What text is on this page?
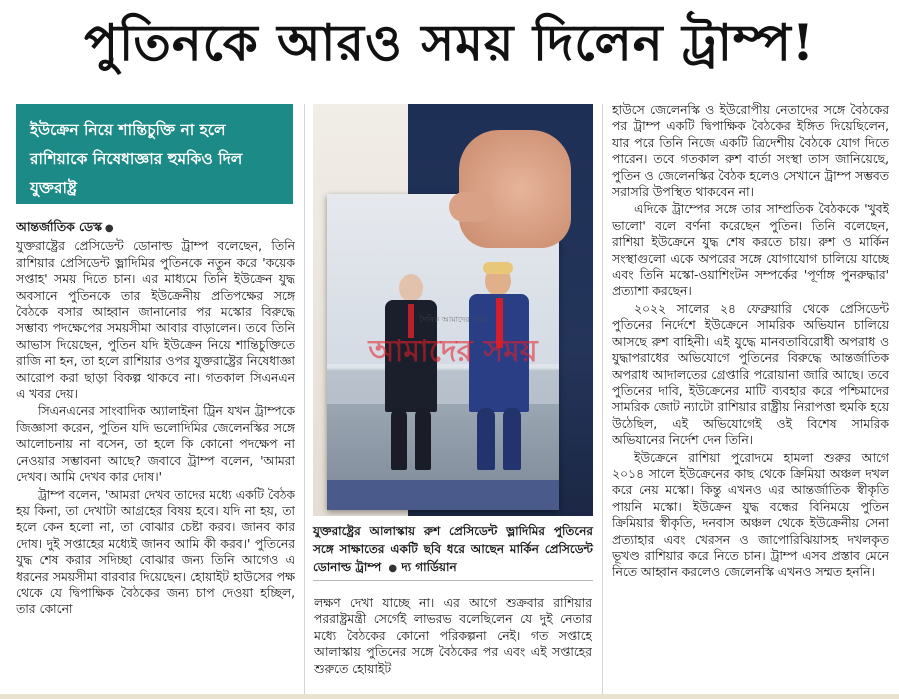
পুতিনকে আরও সময় দিলেন ট্রাম্প!
ইউক্রেন নিয়ে শান্তিচুক্তি না হলে রাশিয়াকে নিষেধাজ্ঞার হুমকিও দিল যুক্তরাষ্ট্র

আন্তর্জাতিক ডেস্ক ●

যুক্তরাষ্ট্রের প্রেসিডেন্ট ডোনাল্ড ট্রাম্প বলেছেন, তিনি রাশিয়ার প্রেসিডেন্ট ভ্লাদিমির পুতিনকে নতুন করে 'কয়েক সপ্তাহ' সময় দিতে চান। এর মাধ্যমে তিনি ইউক্রেন যুদ্ধ অবসানে পুতিনকে তার ইউক্রেনীয় প্রতিপক্ষের সঙ্গে বৈঠকে বসার আহ্বান জানানোর পর মস্কোর বিরুদ্ধে সম্ভাব্য পদক্ষেপের সময়সীমা আবার বাড়ালেন। তবে তিনি আভাস দিয়েছেন, পুতিন যদি ইউক্রেন নিয়ে শান্তিচুক্তিতে রাজি না হন, তা হলে রাশিয়ার ওপর যুক্তরাষ্ট্রের নিষেধাজ্ঞা আরোপ করা ছাড়া বিকল্প থাকবে না। গতকাল সিএনএন এ খবর দেয়।

সিএনএনের সাংবাদিক অ্যালাইনা ট্রিন যখন ট্রাম্পকে জিজ্ঞাসা করেন, পুতিন যদি ভলোদিমির জেলেনস্কির সঙ্গে আলোচনায় না বসেন, তা হলে কি কোনো পদক্ষেপ না নেওয়ার সম্ভাবনা আছে? জবাবে ট্রাম্প বলেন, 'আমরা দেখব। আমি দেখব কার দোষ।'

ট্রাম্প বলেন, 'আমরা দেখব তাদের মধ্যে একটি বৈঠক হয় কিনা, তা দেখাটা আগ্রহের বিষয় হবে। যদি না হয়, তা হলে কেন হলো না, তা বোঝার চেষ্টা করব। জানব কার দোষ। দুই সপ্তাহের মধ্যেই জানব আমি কী করব।' পুতিনের যুদ্ধ শেষ করার সদিচ্ছা বোঝার জন্য তিনি আগেও এ ধরনের সময়সীমা বারবার দিয়েছেন। হোয়াইট হাউসের পক্ষ থেকে যে দ্বিপাক্ষিক বৈঠকের জন্য চাপ দেওয়া হচ্ছিল, তার কোনো

দৈনিক আমাদের সময়
আমাদের সময়
যুক্তরাষ্ট্রের আলাস্কায় রুশ প্রেসিডেন্ট ভ্লাদিমির পুতিনের সঙ্গে সাক্ষাতের একটি ছবি ধরে আছেন মার্কিন প্রেসিডেন্ট ডোনাল্ড ট্রাম্প ● দ্য গার্ডিয়ান

লক্ষণ দেখা যাচ্ছে না। এর আগে শুক্রবার রাশিয়ার পররাষ্ট্রমন্ত্রী সের্গেই লাভরভ বলেছিলেন যে দুই নেতার মধ্যে বৈঠকের কোনো পরিকল্পনা নেই। গত সপ্তাহে আলাস্কায় পুতিনের সঙ্গে বৈঠকের পর এবং এই সপ্তাহের শুরুতে হোয়াইট

হাউসে জেলেনস্কি ও ইউরোপীয় নেতাদের সঙ্গে বৈঠকের পর ট্রাম্প একটি দ্বিপাক্ষিক বৈঠকের ইঙ্গিত দিয়েছিলেন, যার পরে তিনি নিজে একটি ত্রিদেশীয় বৈঠকে যোগ দিতে পারেন। তবে গতকাল রুশ বার্তা সংস্থা তাস জানিয়েছে, পুতিন ও জেলেনস্কির বৈঠক হলেও সেখানে ট্রাম্প সম্ভবত সরাসরি উপস্থিত থাকবেন না।

এদিকে ট্রাম্পের সঙ্গে তার সাম্প্রতিক বৈঠককে 'খুবই ভালো' বলে বর্ণনা করেছেন পুতিন। তিনি বলেছেন, রাশিয়া ইউক্রেনে যুদ্ধ শেষ করতে চায়। রুশ ও মার্কিন সংস্থাগুলো একে অপরের সঙ্গে যোগাযোগ চালিয়ে যাচ্ছে এবং তিনি মস্কো-ওয়াশিংটন সম্পর্কের 'পূর্ণাঙ্গ পুনরুদ্ধার' প্রত্যাশা করছেন।

২০২২ সালের ২৪ ফেব্রুয়ারি থেকে প্রেসিডেন্ট পুতিনের নির্দেশে ইউক্রেনে সামরিক অভিযান চালিয়ে আসছে রুশ বাহিনী। এই যুদ্ধে মানবতাবিরোধী অপরাধ ও যুদ্ধাপরাধের অভিযোগে পুতিনের বিরুদ্ধে আন্তর্জাতিক অপরাধ আদালতের গ্রেপ্তারি পরোয়ানা জারি আছে। তবে পুতিনের দাবি, ইউক্রেনের মাটি ব্যবহার করে পশ্চিমাদের সামরিক জোট ন্যাটো রাশিয়ার রাষ্ট্রীয় নিরাপত্তা হুমকি হয়ে উঠেছিল, এই অভিযোগেই ওই বিশেষ সামরিক অভিযানের নির্দেশ দেন তিনি।

ইউক্রেনে রাশিয়া পুরোদমে হামলা শুরুর আগে ২০১৪ সালে ইউক্রেনের কাছ থেকে ক্রিমিয়া অঞ্চল দখল করে নেয় মস্কো। কিন্তু এখনও এর আন্তর্জাতিক স্বীকৃতি পায়নি মস্কো। ইউক্রেন যুদ্ধ বন্ধের বিনিময়ে পুতিন ক্রিমিয়ার স্বীকৃতি, দনবাস অঞ্চল থেকে ইউক্রেনীয় সেনা প্রত্যাহার এবং খেরসন ও জাপোরিঝিয়াসহ দখলকৃত ভূখণ্ড রাশিয়ার করে নিতে চান। ট্রাম্প এসব প্রস্তাব মেনে নিতে আহ্বান করলেও জেলেনস্কি এখনও সম্মত হননি।
